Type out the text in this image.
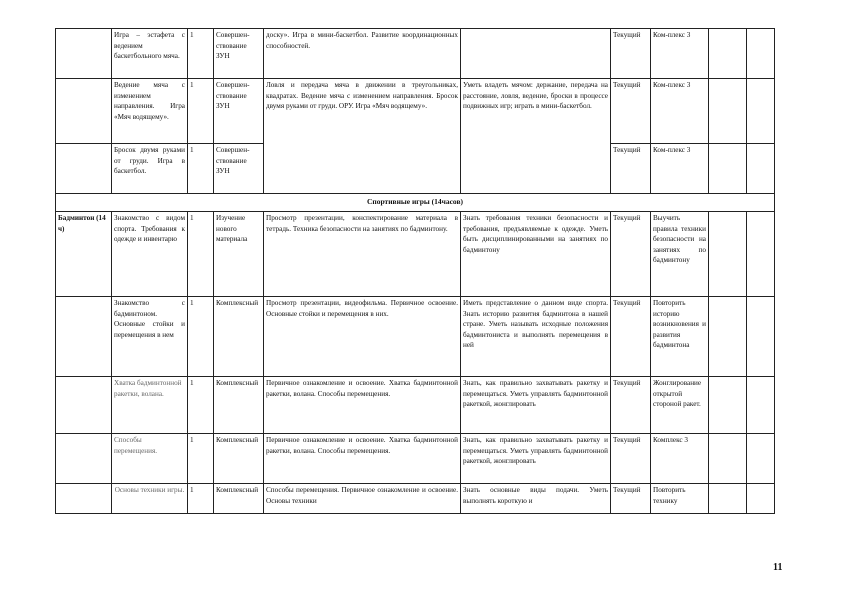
	Игра – эстафета с ведением баскетбольного мяча.	1	Совершен-ствование ЗУН	доску». Игра в мини-баскетбол. Развитие координационных способностей.		Текущий	Ком-плекс 3		
	Ведение мяча с изменением направления. Игра «Мяч водящему».	1	Совершен-ствование ЗУН	Ловля и передача мяча в движении в треугольниках, квадратах. Ведение мяча с изменением направления. Бросок двумя руками от груди. ОРУ. Игра «Мяч водящему».	Уметь владеть мячом: держание, передача на расстояние, ловля, ведение, броски в процессе подвижных игр; играть в мини-баскетбол.	Текущий	Ком-плекс 3		
	Бросок двумя руками от груди. Игра в баскетбол.	1	Совершен-ствование ЗУН			Текущий	Ком-плекс 3		
Спортивные игры (14часов)									
Бадминтон (14 ч)	Знакомство с видом спорта. Требования к одежде и инвентарю	1	Изучение нового материала	Просмотр презентации, конспектирование материала в тетрадь. Техника безопасности на занятиях по бадминтону.	Знать требования техники безопасности и требования, предъявляемые к одежде. Уметь быть дисциплинированными на занятиях по бадминтону	Текущий	Выучить правила техники безопасности на занятиях по бадминтону		
	Знакомство с бадминтоном. Основные стойки и перемещения в нем	1	Комплексный	Просмотр презентации, видеофильма. Первичное освоение. Основные стойки и перемещения в них.	Иметь представление о данном виде спорта. Знать историю развития бадминтона в нашей стране. Уметь называть исходные положения бадминтониста и выполнять перемещения в ней	Текущий	Повторить историю возникновения и развития бадминтона		
	Хватка бадминтонной ракетки, волана.	1	Комплексный	Первичное ознакомление и освоение. Хватка бадминтонной ракетки, волана. Способы перемещения.	Знать, как правильно захватывать ракетку и перемещаться. Уметь управлять бадминтонной ракеткой, жонглировать	Текущий	Жонглирование открытой стороной ракет.		
	Способы перемещения.	1	Комплексный	Первичное ознакомление и освоение. Хватка бадминтонной ракетки, волана. Способы перемещения.	Знать, как правильно захватывать ракетку и перемещаться. Уметь управлять бадминтонной ракеткой, жонглировать	Текущий	Комплекс 3		
	Основы техники игры.	1	Комплексный	Способы перемещения. Первичное ознакомление и освоение. Основы техники	Знать основные виды подачи. Уметь выполнять короткую и	Текущий	Повторить технику		
11
